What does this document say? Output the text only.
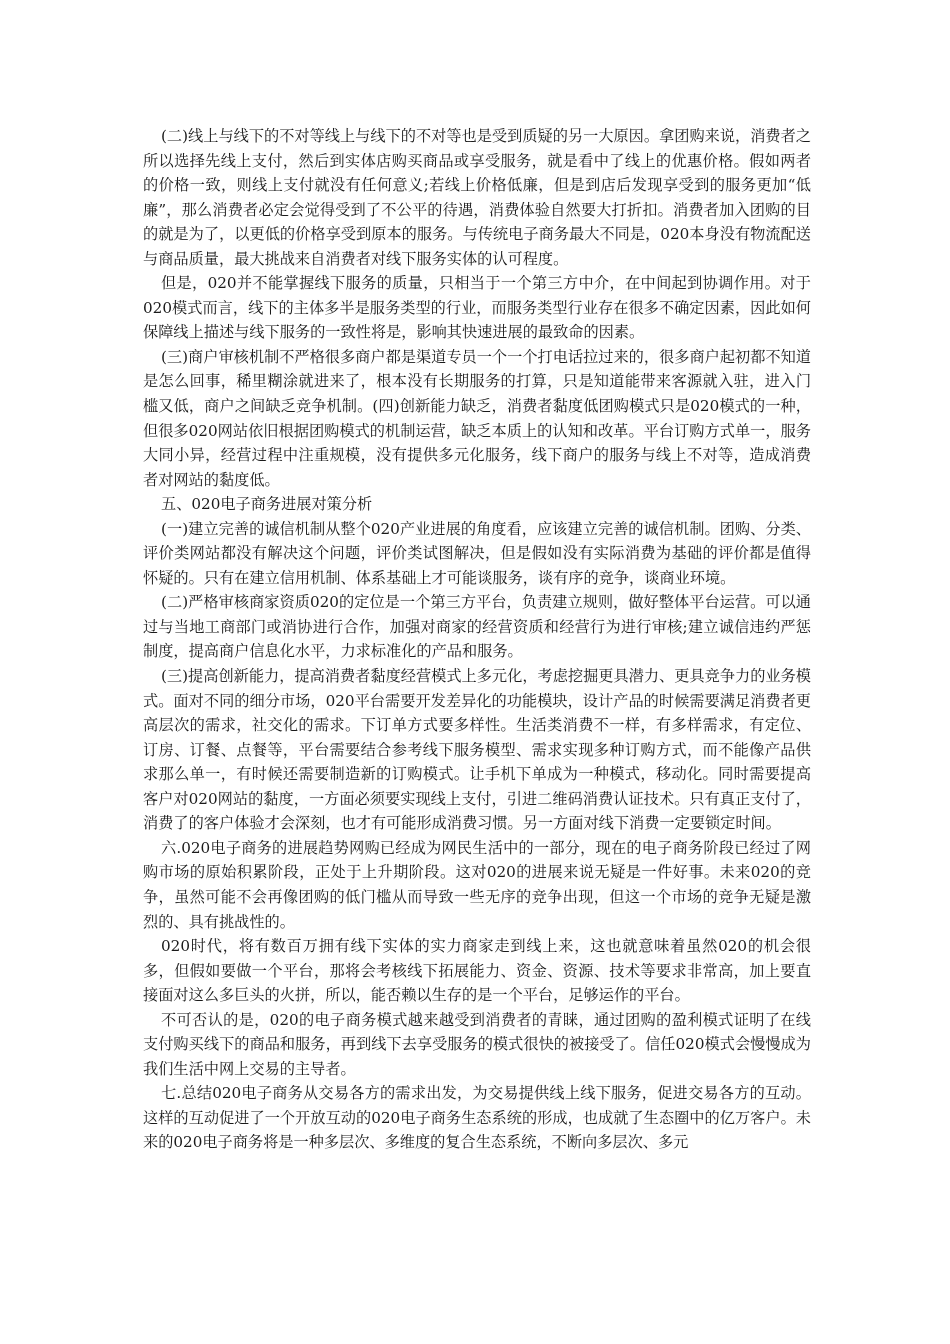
(二)线上与线下的不对等线上与线下的不对等也是受到质疑的另一大原因。拿团购来说，消费者之所以选择先线上支付，然后到实体店购买商品或享受服务，就是看中了线上的优惠价格。假如两者的价格一致，则线上支付就没有任何意义;若线上价格低廉，但是到店后发现享受到的服务更加“低廉”，那么消费者必定会觉得受到了不公平的待遇，消费体验自然要大打折扣。消费者加入团购的目的就是为了，以更低的价格享受到原本的服务。与传统电子商务最大不同是，020本身没有物流配送与商品质量，最大挑战来自消费者对线下服务实体的认可程度。

但是，020并不能掌握线下服务的质量，只相当于一个第三方中介，在中间起到协调作用。对于020模式而言，线下的主体多半是服务类型的行业，而服务类型行业存在很多不确定因素，因此如何保障线上描述与线下服务的一致性将是，影响其快速进展的最致命的因素。

(三)商户审核机制不严格很多商户都是渠道专员一个一个打电话拉过来的，很多商户起初都不知道是怎么回事，稀里糊涂就进来了，根本没有长期服务的打算，只是知道能带来客源就入驻，进入门槛又低，商户之间缺乏竞争机制。(四)创新能力缺乏，消费者黏度低团购模式只是020模式的一种，但很多020网站依旧根据团购模式的机制运营，缺乏本质上的认知和改革。平台订购方式单一，服务大同小异，经营过程中注重规模，没有提供多元化服务，线下商户的服务与线上不对等，造成消费者对网站的黏度低。

五、020电子商务进展对策分析

(一)建立完善的诚信机制从整个020产业进展的角度看，应该建立完善的诚信机制。团购、分类、评价类网站都没有解决这个问题，评价类试图解决，但是假如没有实际消费为基础的评价都是值得怀疑的。只有在建立信用机制、体系基础上才可能谈服务，谈有序的竞争，谈商业环境。

(二)严格审核商家资质020的定位是一个第三方平台，负责建立规则，做好整体平台运营。可以通过与当地工商部门或消协进行合作，加强对商家的经营资质和经营行为进行审核;建立诚信违约严惩制度，提高商户信息化水平，力求标准化的产品和服务。

(三)提高创新能力，提高消费者黏度经营模式上多元化，考虑挖掘更具潜力、更具竞争力的业务模式。面对不同的细分市场，020平台需要开发差异化的功能模块，设计产品的时候需要满足消费者更高层次的需求，社交化的需求。下订单方式要多样性。生活类消费不一样，有多样需求，有定位、订房、订餐、点餐等，平台需要结合参考线下服务模型、需求实现多种订购方式，而不能像产品供求那么单一，有时候还需要制造新的订购模式。让手机下单成为一种模式，移动化。同时需要提高客户对020网站的黏度，一方面必须要实现线上支付，引进二维码消费认证技术。只有真正支付了，消费了的客户体验才会深刻，也才有可能形成消费习惯。另一方面对线下消费一定要锁定时间。

六.020电子商务的进展趋势网购已经成为网民生活中的一部分，现在的电子商务阶段已经过了网购市场的原始积累阶段，正处于上升期阶段。这对020的进展来说无疑是一件好事。未来020的竞争，虽然可能不会再像团购的低门槛从而导致一些无序的竞争出现，但这一个市场的竞争无疑是激烈的、具有挑战性的。

020时代，将有数百万拥有线下实体的实力商家走到线上来，这也就意味着虽然020的机会很多，但假如要做一个平台，那将会考核线下拓展能力、资金、资源、技术等要求非常高，加上要直接面对这么多巨头的火拼，所以，能否赖以生存的是一个平台，足够运作的平台。

不可否认的是，020的电子商务模式越来越受到消费者的青睐，通过团购的盈利模式证明了在线支付购买线下的商品和服务，再到线下去享受服务的模式很快的被接受了。信任020模式会慢慢成为我们生活中网上交易的主导者。

七.总结020电子商务从交易各方的需求出发，为交易提供线上线下服务，促进交易各方的互动。这样的互动促进了一个开放互动的020电子商务生态系统的形成，也成就了生态圈中的亿万客户。未来的020电子商务将是一种多层次、多维度的复合生态系统，不断向多层次、多元
